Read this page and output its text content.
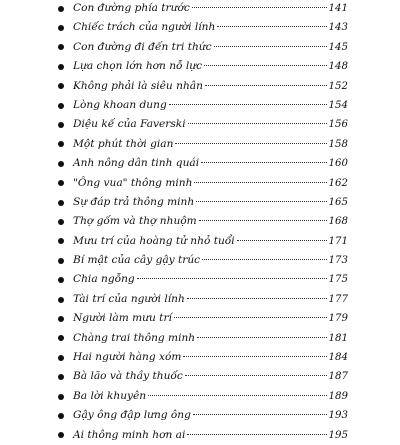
Con đường phía trước	141
Chiếc trách của người lính	143
Con đường đi đến tri thức	145
Lựa chọn lớn hơn nỗ lực	148
Không phải là siêu nhân	152
Lòng khoan dung	154
Diệu kế của Faverski	156
Một phút thời gian	158
Anh nông dân tinh quái	160
"Ông vua" thông minh	162
Sự đáp trả thông minh	165
Thợ gốm và thợ nhuộm	168
Mưu trí của hoàng tử nhỏ tuổi	171
Bí mật của cây gậy trúc	173
Chia ngỗng	175
Tài trí của người lính	177
Người làm mưu trí	179
Chàng trai thông minh	181
Hai người hàng xóm	184
Bà lão và thầy thuốc	187
Ba lời khuyên	189
Gậy ông đập lưng ông	193
Ai thông minh hơn ai	195
